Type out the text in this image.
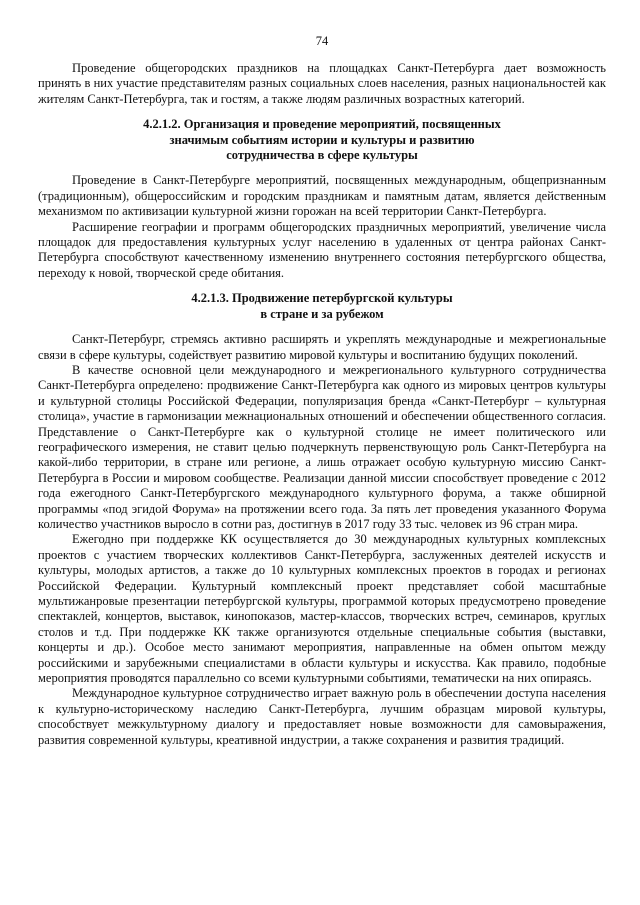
74

Проведение общегородских праздников на площадках Санкт-Петербурга дает возможность принять в них участие представителям разных социальных слоев населения, разных национальностей как жителям Санкт-Петербурга, так и гостям, а также людям различных возрастных категорий.

4.2.1.2. Организация и проведение мероприятий, посвященных
значимым событиям истории и культуры и развитию
сотрудничества в сфере культуры

Проведение в Санкт-Петербурге мероприятий, посвященных международным, общепризнанным (традиционным), общероссийским и городским праздникам и памятным датам, является действенным механизмом по активизации культурной жизни горожан на всей территории Санкт-Петербурга.

Расширение географии и программ общегородских праздничных мероприятий, увеличение числа площадок для предоставления культурных услуг населению в удаленных от центра районах Санкт-Петербурга способствуют качественному изменению внутреннего состояния петербургского общества, переходу к новой, творческой среде обитания.

4.2.1.3. Продвижение петербургской культуры
в стране и за рубежом

Санкт-Петербург, стремясь активно расширять и укреплять международные и межрегиональные связи в сфере культуры, содействует развитию мировой культуры и воспитанию будущих поколений.

В качестве основной цели международного и межрегионального культурного сотрудничества Санкт-Петербурга определено: продвижение Санкт-Петербурга как одного из мировых центров культуры и культурной столицы Российской Федерации, популяризация бренда «Санкт-Петербург – культурная столица», участие в гармонизации межнациональных отношений и обеспечении общественного согласия. Представление о Санкт-Петербурге как о культурной столице не имеет политического или географического измерения, не ставит целью подчеркнуть первенствующую роль Санкт-Петербурга на какой-либо территории, в стране или регионе, а лишь отражает особую культурную миссию Санкт-Петербурга в России и мировом сообществе. Реализации данной миссии способствует проведение с 2012 года ежегодного Санкт-Петербургского международного культурного форума, а также обширной программы «под эгидой Форума» на протяжении всего года. За пять лет проведения указанного Форума количество участников выросло в сотни раз, достигнув в 2017 году 33 тыс. человек из 96 стран мира.

Ежегодно при поддержке КК осуществляется до 30 международных культурных комплексных проектов с участием творческих коллективов Санкт-Петербурга, заслуженных деятелей искусств и культуры, молодых артистов, а также до 10 культурных комплексных проектов в городах и регионах Российской Федерации. Культурный комплексный проект представляет собой масштабные мультижанровые презентации петербургской культуры, программой которых предусмотрено проведение спектаклей, концертов, выставок, кинопоказов, мастер-классов, творческих встреч, семинаров, круглых столов и т.д. При поддержке КК также организуются отдельные специальные события (выставки, концерты и др.). Особое место занимают мероприятия, направленные на обмен опытом между российскими и зарубежными специалистами в области культуры и искусства. Как правило, подобные мероприятия проводятся параллельно со всеми культурными событиями, тематически на них опираясь.

Международное культурное сотрудничество играет важную роль в обеспечении доступа населения к культурно-историческому наследию Санкт-Петербурга, лучшим образцам мировой культуры, способствует межкультурному диалогу и предоставляет новые возможности для самовыражения, развития современной культуры, креативной индустрии, а также сохранения и развития традиций.
